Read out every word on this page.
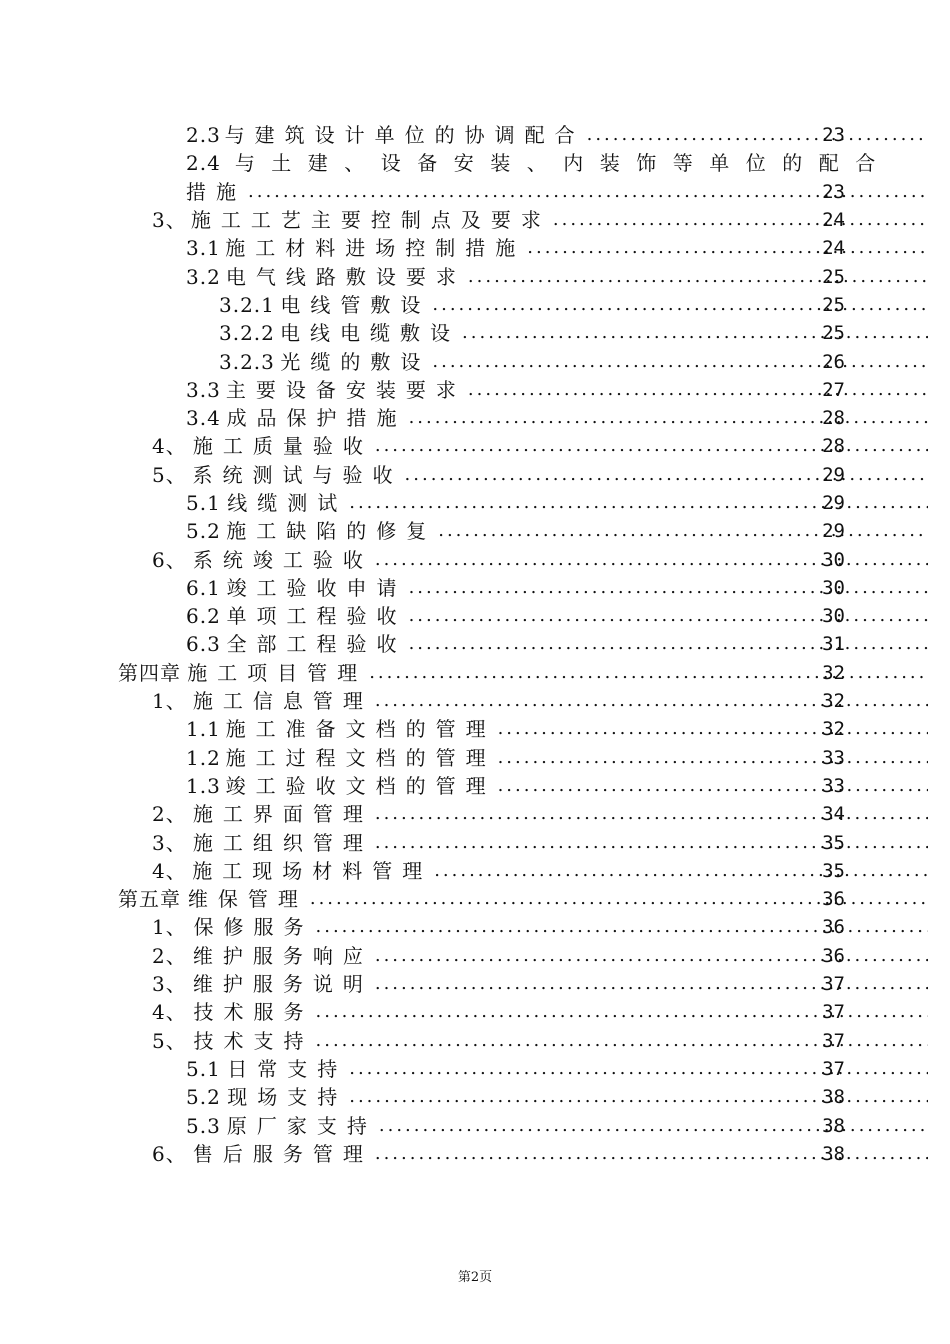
2.3 与建筑设计单位的协调配合 .....	23
2.4 与土建、设备安装、内装饰等单位的配合
措施 .....	23
3、 施工工艺主要控制点及要求 .....	24
3.1 施工材料进场控制措施 .....	24
3.2 电气线路敷设要求 .....	25
3.2.1 电线管敷设 .....	25
3.2.2 电线电缆敷设 .....	25
3.2.3 光缆的敷设 .....	26
3.3 主要设备安装要求 .....	27
3.4 成品保护措施 .....	28
4、 施工质量验收 .....	28
5、 系统测试与验收 .....	29
5.1 线缆测试 .....	29
5.2 施工缺陷的修复 .....	29
6、 系统竣工验收 .....	30
6.1 竣工验收申请 .....	30
6.2 单项工程验收 .....	30
6.3 全部工程验收 .....	31
第四章 施工项目管理 .....	32
1、 施工信息管理 .....	32
1.1 施工准备文档的管理 .....	32
1.2 施工过程文档的管理 .....	33
1.3 竣工验收文档的管理 .....	33
2、 施工界面管理 .....	34
3、 施工组织管理 .....	35
4、 施工现场材料管理 .....	35
第五章 维保管理 .....	36
1、 保修服务 .....	36
2、 维护服务响应 .....	36
3、 维护服务说明 .....	37
4、 技术服务 .....	37
5、 技术支持 .....	37
5.1 日常支持 .....	37
5.2 现场支持 .....	38
5.3 原厂家支持 .....	38
6、 售后服务管理 .....	38
第2页
